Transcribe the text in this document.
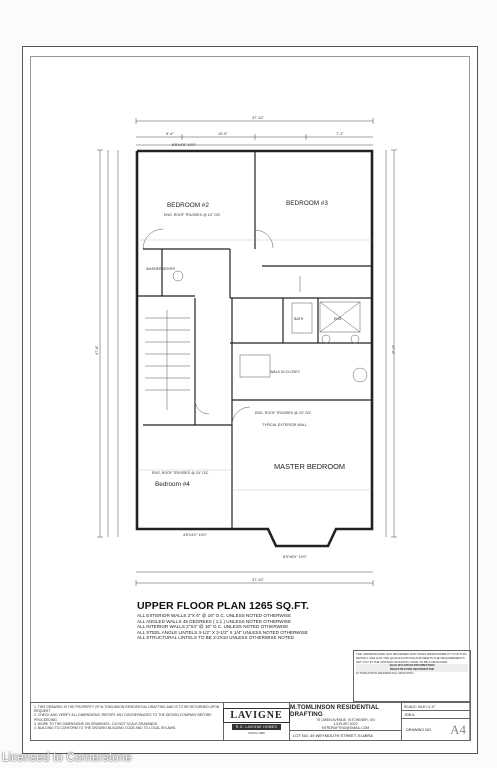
37'-10"
5'-4"	10'-5"	7'-1"
37'-10"
8'0"x8'0" 10'0"
4'8"x4'0" 10'0"
6'8"x4'8" 10'0"
47'-6"	47'-6"
BEDROOM #2	BEDROOM #3
Bedroom #4
MASTER BEDROOM
WALK IN CLOSET
WASHER DRYER
BATH	ENS
ENG. ROOF TRUSSES @ 24" O/C
ENG. ROOF TRUSSES @ 24" O/C
ENG. ROOF TRUSSES @ 24" O/C
TYPICAL EXTERIOR WALL
UPPER FLOOR PLAN 1265 SQ.FT.
ALL EXTERIOR WALLS 2"X 6" @ 16" O.C. UNLESS NOTED OTHERWISE
ALL ANGLED WALLS 45 DEGREES ( 1:1 ) UNLESS NOTED OTHERWISE
ALL INTERIOR WALLS 2"X4" @ 16" O.C. UNLESS NOTED OTHERWISE
ALL STEEL ANGLE LINTELS 3-1/2" X 3-1/2" X 1/4" UNLESS NOTED OTHERWISE
ALL STRUCTURAL LINTELS TO BE 2-2X10 UNLESS OTHERWISE NOTED
THE UNDERSIGNED HAS REVIEWED AND TAKES RESPONSIBILITY FOR THIS DESIGN, AND HAS THE QUALIFICATIONS AND MEETS THE REQUIREMENTS SET OUT IN THE ONTARIO BUILDING CODE TO BE A DESIGNER.
QUALIFICATION INFORMATION
REGISTRATION INFORMATION
M.TOMLINSON RESIDENTIAL DRAFTING
1. THIS DRAWING IS THE PROPERTY OF M.TOMLINSON RESIDENTIAL DRAFTING AND IS TO BE RETURNED UPON REQUEST.
2. CHECK AND VERIFY ALL DIMENSIONS. REPORT ANY DISCREPANCIES TO THE DESIGN COMPANY BEFORE PROCEEDING.
3. WORK TO THE DIMENSIONS ON DRAWINGS - DO NOT SCALE DRAWINGS.
4. BUILDING TO CONFORM TO THE ONTARIO BUILDING CODE AND TO LOCAL BYLAWS.
LAVIGNE
R.G. LAVIGNE HOMES
SINCE 1980
M.TOMLINSON RESIDENTIAL DRAFTING
75 OWEN AVENUE, KITCHENER, ON
1-519-897-6322
MTRDRAFTING@GMAIL.COM
LOT NO. 49 WEYMOUTH STREET, ELMIRA
SCALE: 3/16"=1'-0"
JOB #:
DRAWING NO. A4
Licensed to Cornerstone
